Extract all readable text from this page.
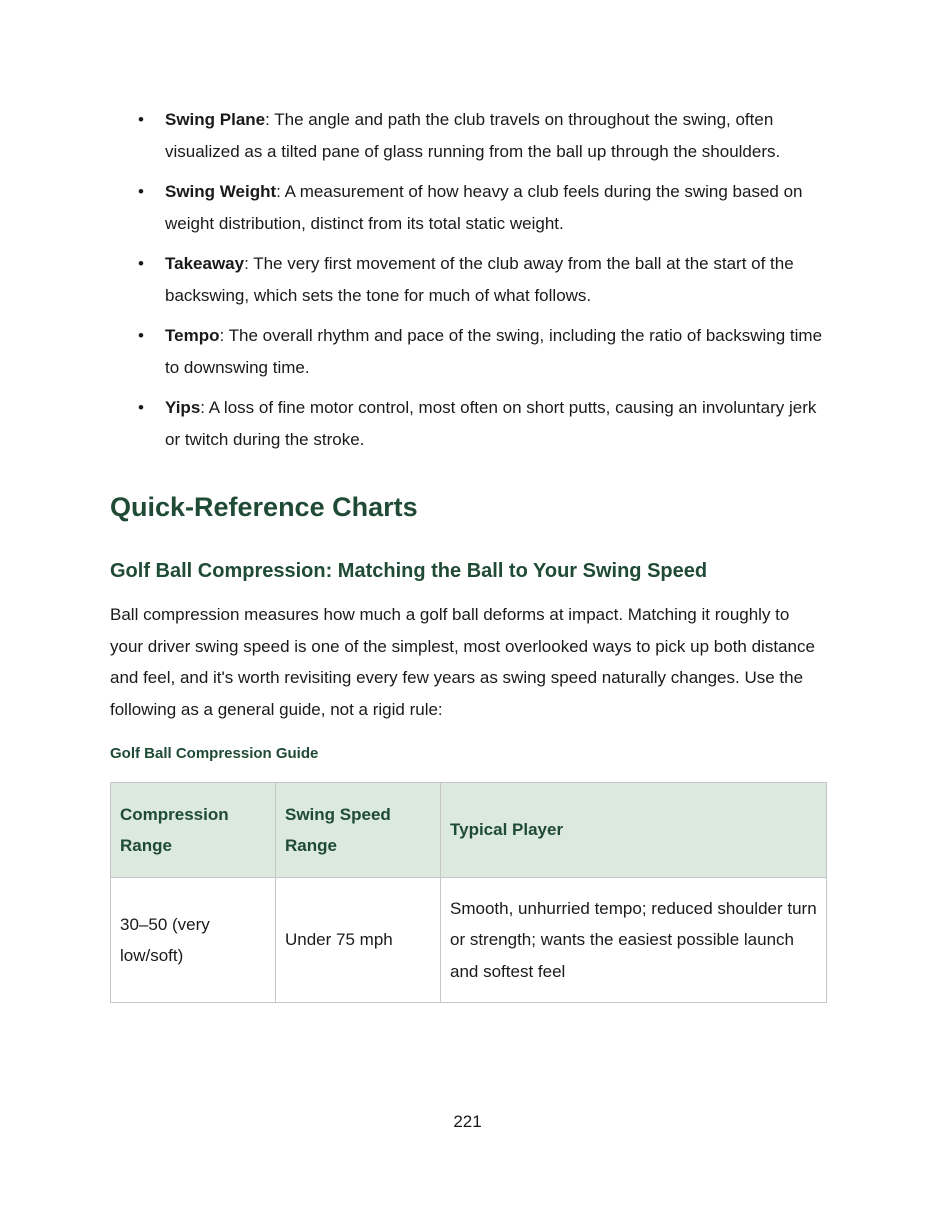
• Swing Plane: The angle and path the club travels on throughout the swing, often visualized as a tilted pane of glass running from the ball up through the shoulders.
• Swing Weight: A measurement of how heavy a club feels during the swing based on weight distribution, distinct from its total static weight.
• Takeaway: The very first movement of the club away from the ball at the start of the backswing, which sets the tone for much of what follows.
• Tempo: The overall rhythm and pace of the swing, including the ratio of backswing time to downswing time.
• Yips: A loss of fine motor control, most often on short putts, causing an involuntary jerk or twitch during the stroke.
Quick-Reference Charts
Golf Ball Compression: Matching the Ball to Your Swing Speed

Ball compression measures how much a golf ball deforms at impact. Matching it roughly to your driver swing speed is one of the simplest, most overlooked ways to pick up both distance and feel, and it's worth revisiting every few years as swing speed naturally changes. Use the following as a general guide, not a rigid rule:

Golf Ball Compression Guide
Compression Range	Swing Speed Range	Typical Player
30–50 (very low/soft)	Under 75 mph	Smooth, unhurried tempo; reduced shoulder turn or strength; wants the easiest possible launch and softest feel
221
